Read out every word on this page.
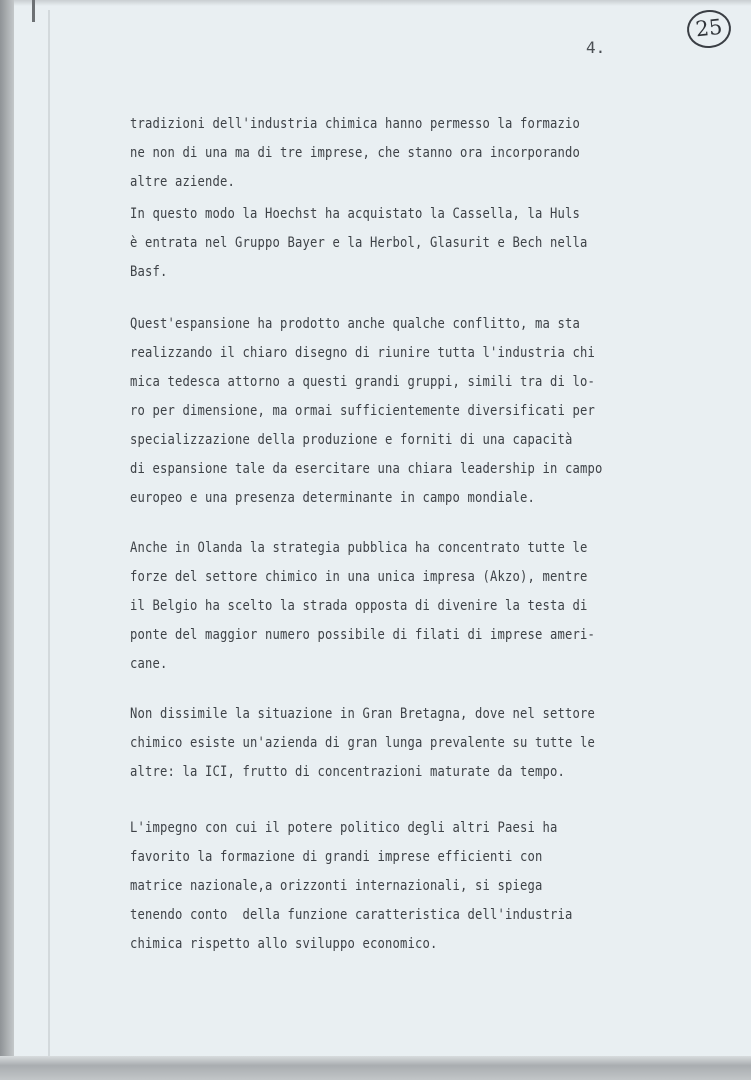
25
4.

tradizioni dell'industria chimica hanno permesso la formazio
ne non di una ma di tre imprese, che stanno ora incorporando
altre aziende.

In questo modo la Hoechst ha acquistato la Cassella, la Huls
è entrata nel Gruppo Bayer e la Herbol, Glasurit e Bech nella
Basf.

Quest'espansione ha prodotto anche qualche conflitto, ma sta
realizzando il chiaro disegno di riunire tutta l'industria chi
mica tedesca attorno a questi grandi gruppi, simili tra di lo-
ro per dimensione, ma ormai sufficientemente diversificati per
specializzazione della produzione e forniti di una capacità
di espansione tale da esercitare una chiara leadership in campo
europeo e una presenza determinante in campo mondiale.

Anche in Olanda la strategia pubblica ha concentrato tutte le
forze del settore chimico in una unica impresa (Akzo), mentre
il Belgio ha scelto la strada opposta di divenire la testa di
ponte del maggior numero possibile di filati di imprese ameri-
cane.

Non dissimile la situazione in Gran Bretagna, dove nel settore
chimico esiste un'azienda di gran lunga prevalente su tutte le
altre: la ICI, frutto di concentrazioni maturate da tempo.

L'impegno con cui il potere politico degli altri Paesi ha
favorito la formazione di grandi imprese efficienti con
matrice nazionale,a orizzonti internazionali, si spiega
tenendo conto  della funzione caratteristica dell'industria
chimica rispetto allo sviluppo economico.
